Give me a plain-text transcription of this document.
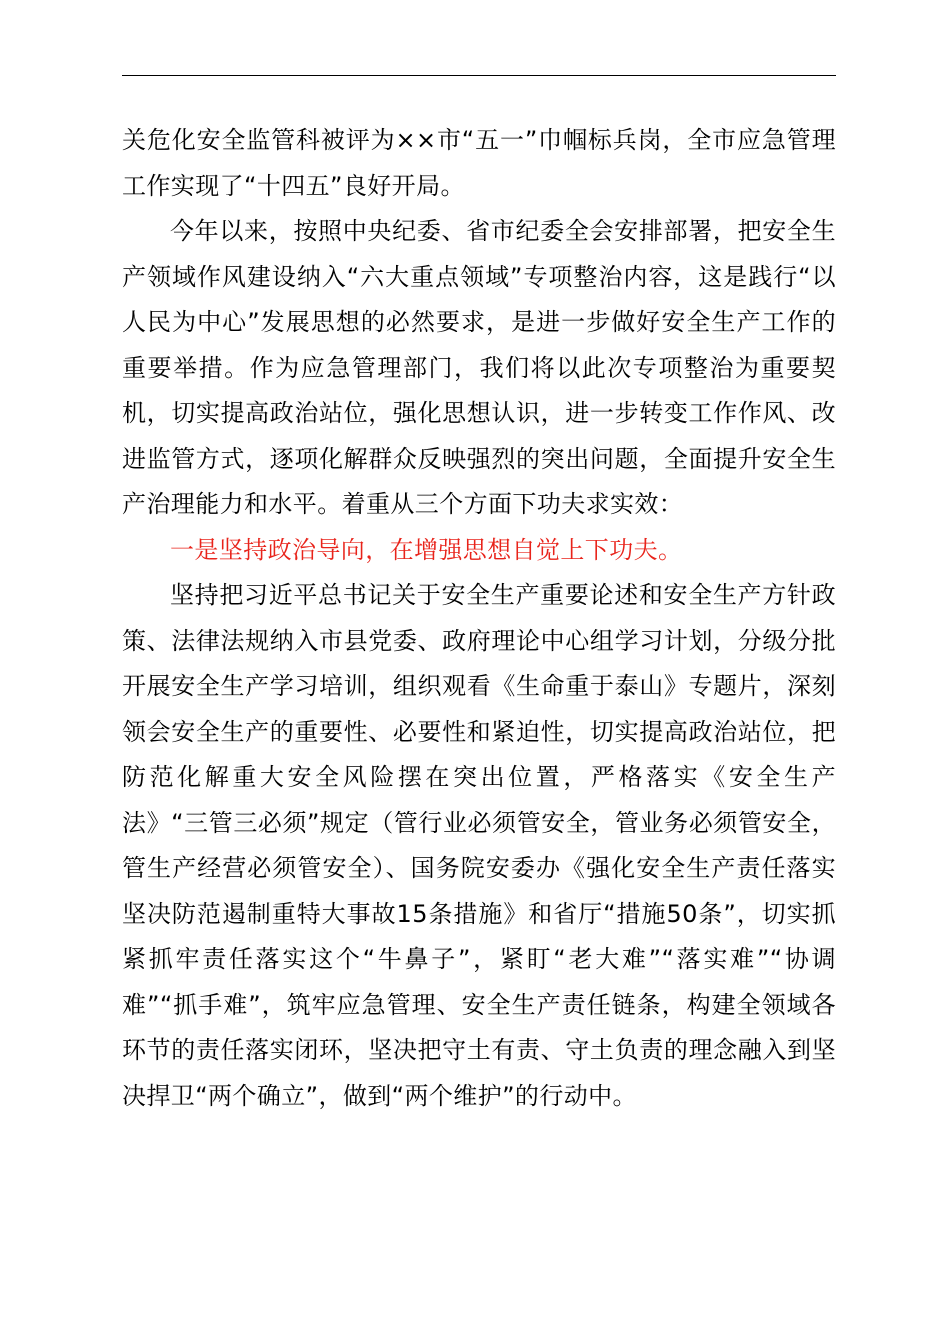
关危化安全监管科被评为××市“五一”巾帼标兵岗，全市应急管理工作实现了“十四五”良好开局。

今年以来，按照中央纪委、省市纪委全会安排部署，把安全生产领域作风建设纳入“六大重点领域”专项整治内容，这是践行“以人民为中心”发展思想的必然要求，是进一步做好安全生产工作的重要举措。作为应急管理部门，我们将以此次专项整治为重要契机，切实提高政治站位，强化思想认识，进一步转变工作作风、改进监管方式，逐项化解群众反映强烈的突出问题，全面提升安全生产治理能力和水平。着重从三个方面下功夫求实效：

一是坚持政治导向，在增强思想自觉上下功夫。

坚持把习近平总书记关于安全生产重要论述和安全生产方针政策、法律法规纳入市县党委、政府理论中心组学习计划，分级分批开展安全生产学习培训，组织观看《生命重于泰山》专题片，深刻领会安全生产的重要性、必要性和紧迫性，切实提高政治站位，把防范化解重大安全风险摆在突出位置，严格落实《安全生产法》“三管三必须”规定（管行业必须管安全，管业务必须管安全，管生产经营必须管安全）、国务院安委办《强化安全生产责任落实坚决防范遏制重特大事故15条措施》和省厅“措施50条”，切实抓紧抓牢责任落实这个“牛鼻子”，紧盯“老大难”“落实难”“协调难”“抓手难”，筑牢应急管理、安全生产责任链条，构建全领域各环节的责任落实闭环，坚决把守土有责、守土负责的理念融入到坚决捍卫“两个确立”，做到“两个维护”的行动中。
